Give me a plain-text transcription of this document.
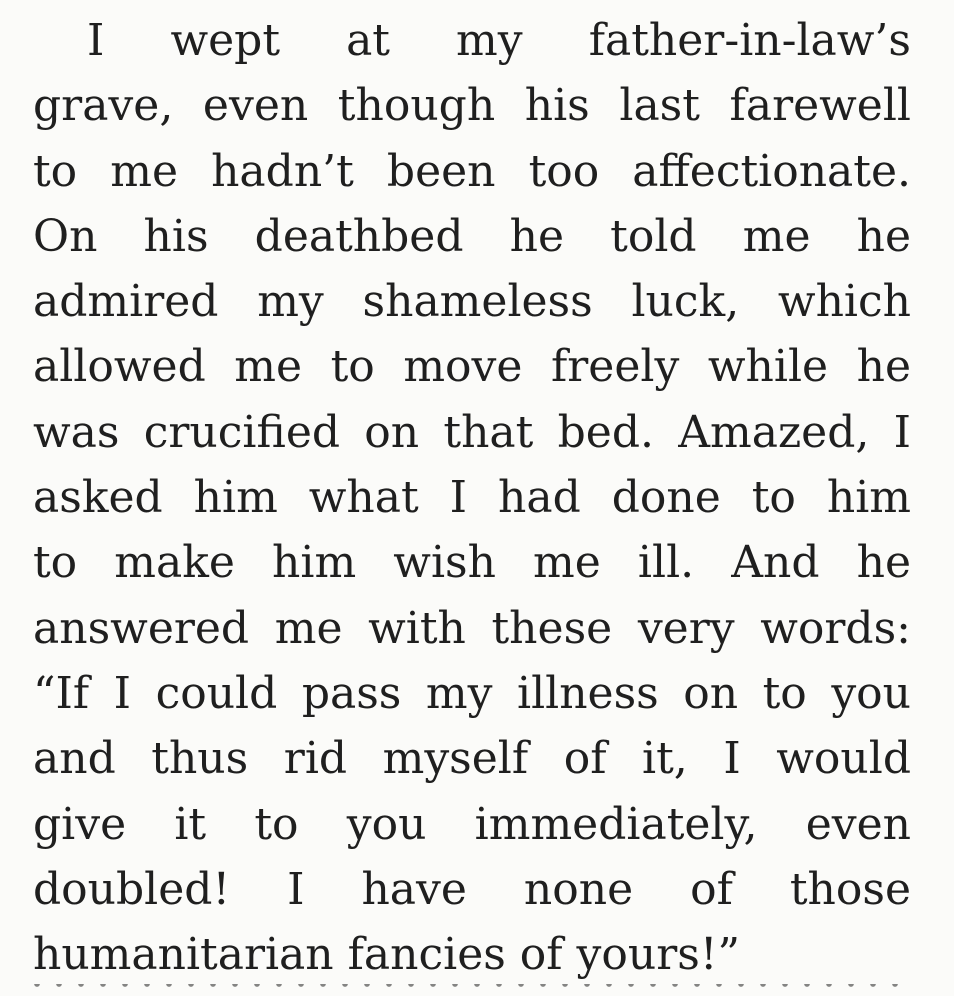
I wept at my father-in-law’s
grave, even though his last farewell
to me hadn’t been too affectionate.
On his deathbed he told me he
admired my shameless luck, which
allowed me to move freely while he
was crucified on that bed. Amazed, I
asked him what I had done to him
to make him wish me ill. And he
answered me with these very words:
“If I could pass my illness on to you
and thus rid myself of it, I would
give it to you immediately, even
doubled! I have none of those
humanitarian fancies of yours!”
